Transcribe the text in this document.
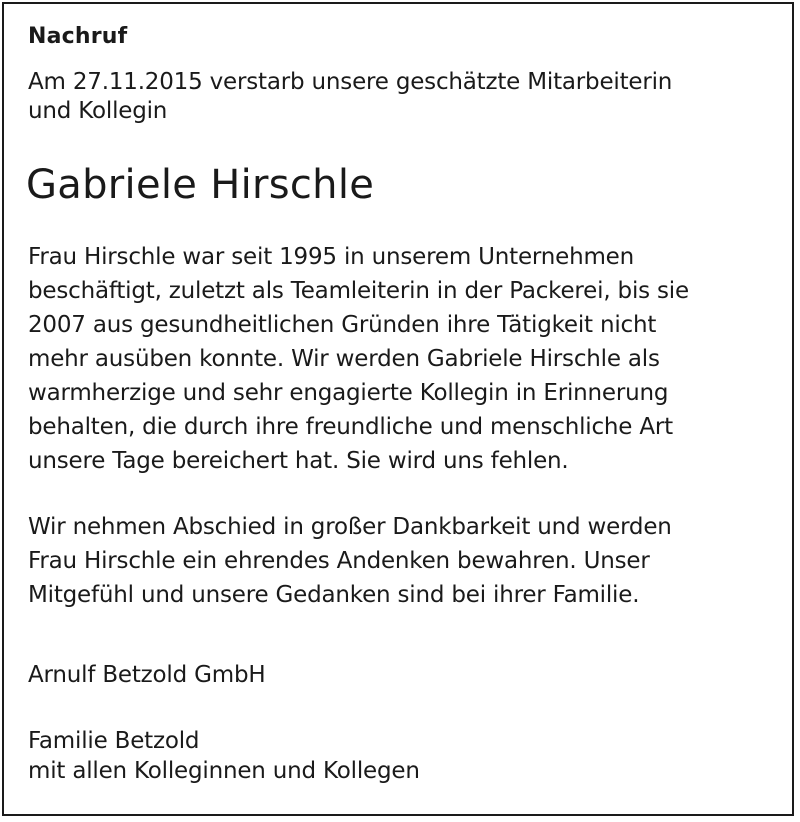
Nachruf

Am 27.11.2015 verstarb unsere geschätzte Mitarbeiterin
und Kollegin

Gabriele Hirschle

Frau Hirschle war seit 1995 in unserem Unternehmen
beschäftigt, zuletzt als Teamleiterin in der Packerei, bis sie
2007 aus gesundheitlichen Gründen ihre Tätigkeit nicht
mehr ausüben konnte. Wir werden Gabriele Hirschle als
warmherzige und sehr engagierte Kollegin in Erinnerung
behalten, die durch ihre freundliche und menschliche Art
unsere Tage bereichert hat. Sie wird uns fehlen.

Wir nehmen Abschied in großer Dankbarkeit und werden
Frau Hirschle ein ehrendes Andenken bewahren. Unser
Mitgefühl und unsere Gedanken sind bei ihrer Familie.

Arnulf Betzold GmbH

Familie Betzold
mit allen Kolleginnen und Kollegen
